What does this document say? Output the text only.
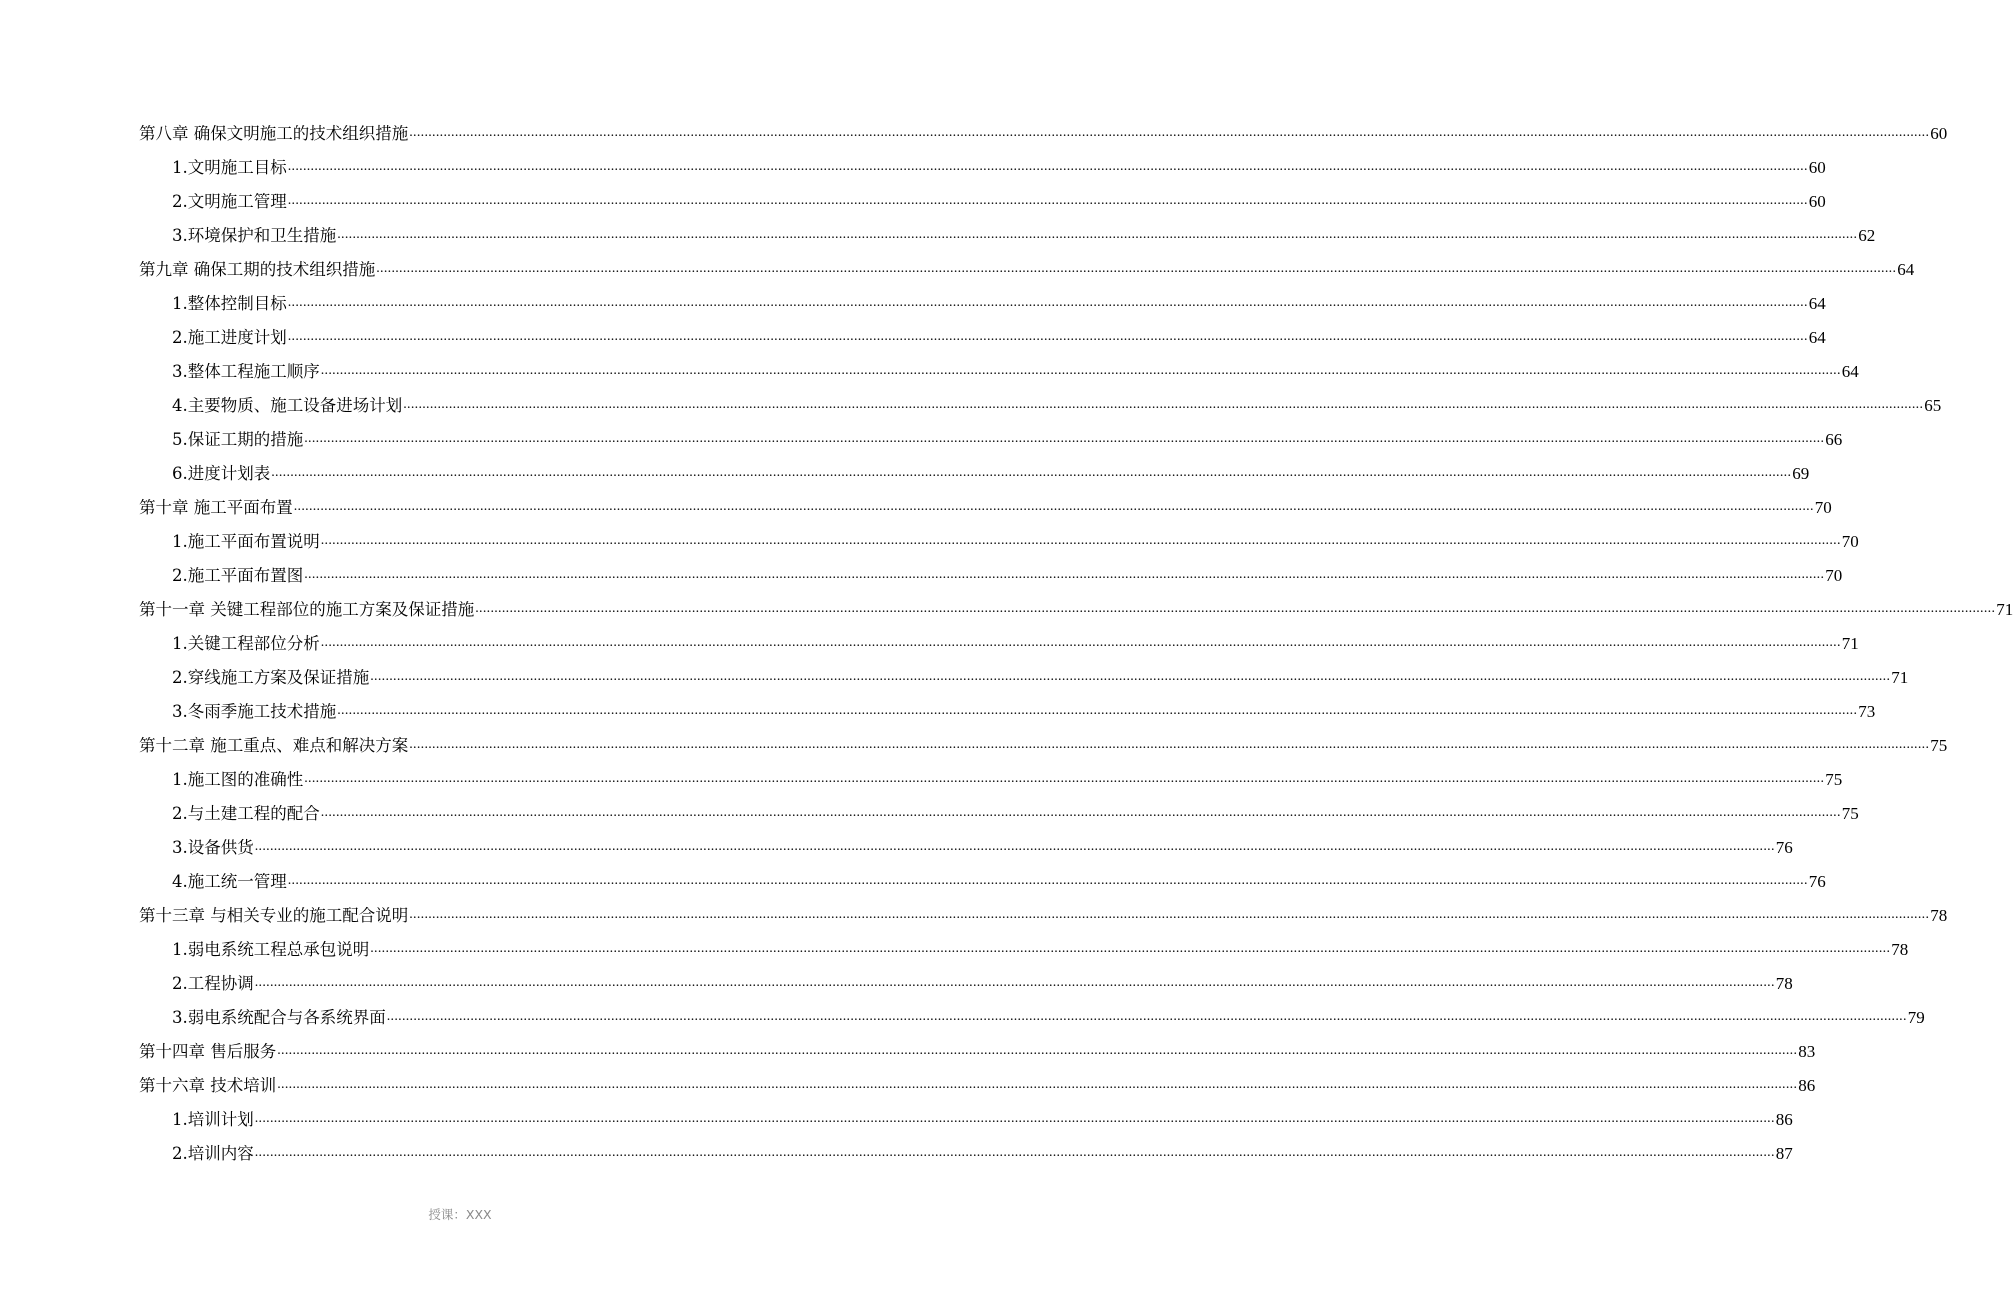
第八章 确保文明施工的技术组织措施 ................................................................................................................................................................................................................................................................................................................................................................................................................ 60
1.文明施工目标 ................................................................................................................................................................................................................................................................................................................................................................................................................ 60
2.文明施工管理 ................................................................................................................................................................................................................................................................................................................................................................................................................ 60
3.环境保护和卫生措施 ................................................................................................................................................................................................................................................................................................................................................................................................................ 62
第九章 确保工期的技术组织措施 ................................................................................................................................................................................................................................................................................................................................................................................................................ 64
1.整体控制目标 ................................................................................................................................................................................................................................................................................................................................................................................................................ 64
2.施工进度计划 ................................................................................................................................................................................................................................................................................................................................................................................................................ 64
3.整体工程施工顺序 ................................................................................................................................................................................................................................................................................................................................................................................................................ 64
4.主要物质、施工设备进场计划 ................................................................................................................................................................................................................................................................................................................................................................................................................ 65
5.保证工期的措施 ................................................................................................................................................................................................................................................................................................................................................................................................................ 66
6.进度计划表 ................................................................................................................................................................................................................................................................................................................................................................................................................ 69
第十章 施工平面布置 ................................................................................................................................................................................................................................................................................................................................................................................................................ 70
1.施工平面布置说明 ................................................................................................................................................................................................................................................................................................................................................................................................................ 70
2.施工平面布置图 ................................................................................................................................................................................................................................................................................................................................................................................................................ 70
第十一章 关键工程部位的施工方案及保证措施 ................................................................................................................................................................................................................................................................................................................................................................................................................ 71
1.关键工程部位分析 ................................................................................................................................................................................................................................................................................................................................................................................................................ 71
2.穿线施工方案及保证措施 ................................................................................................................................................................................................................................................................................................................................................................................................................ 71
3.冬雨季施工技术措施 ................................................................................................................................................................................................................................................................................................................................................................................................................ 73
第十二章 施工重点、难点和解决方案 ................................................................................................................................................................................................................................................................................................................................................................................................................ 75
1.施工图的准确性 ................................................................................................................................................................................................................................................................................................................................................................................................................ 75
2.与土建工程的配合 ................................................................................................................................................................................................................................................................................................................................................................................................................ 75
3.设备供货 ................................................................................................................................................................................................................................................................................................................................................................................................................ 76
4.施工统一管理 ................................................................................................................................................................................................................................................................................................................................................................................................................ 76
第十三章 与相关专业的施工配合说明 ................................................................................................................................................................................................................................................................................................................................................................................................................ 78
1.弱电系统工程总承包说明 ................................................................................................................................................................................................................................................................................................................................................................................................................ 78
2.工程协调 ................................................................................................................................................................................................................................................................................................................................................................................................................ 78
3.弱电系统配合与各系统界面 ................................................................................................................................................................................................................................................................................................................................................................................................................ 79
第十四章 售后服务 ................................................................................................................................................................................................................................................................................................................................................................................................................ 83
第十六章 技术培训 ................................................................................................................................................................................................................................................................................................................................................................................................................ 86
1.培训计划 ................................................................................................................................................................................................................................................................................................................................................................................................................ 86
2.培训内容 ................................................................................................................................................................................................................................................................................................................................................................................................................ 87
授课：XXX
